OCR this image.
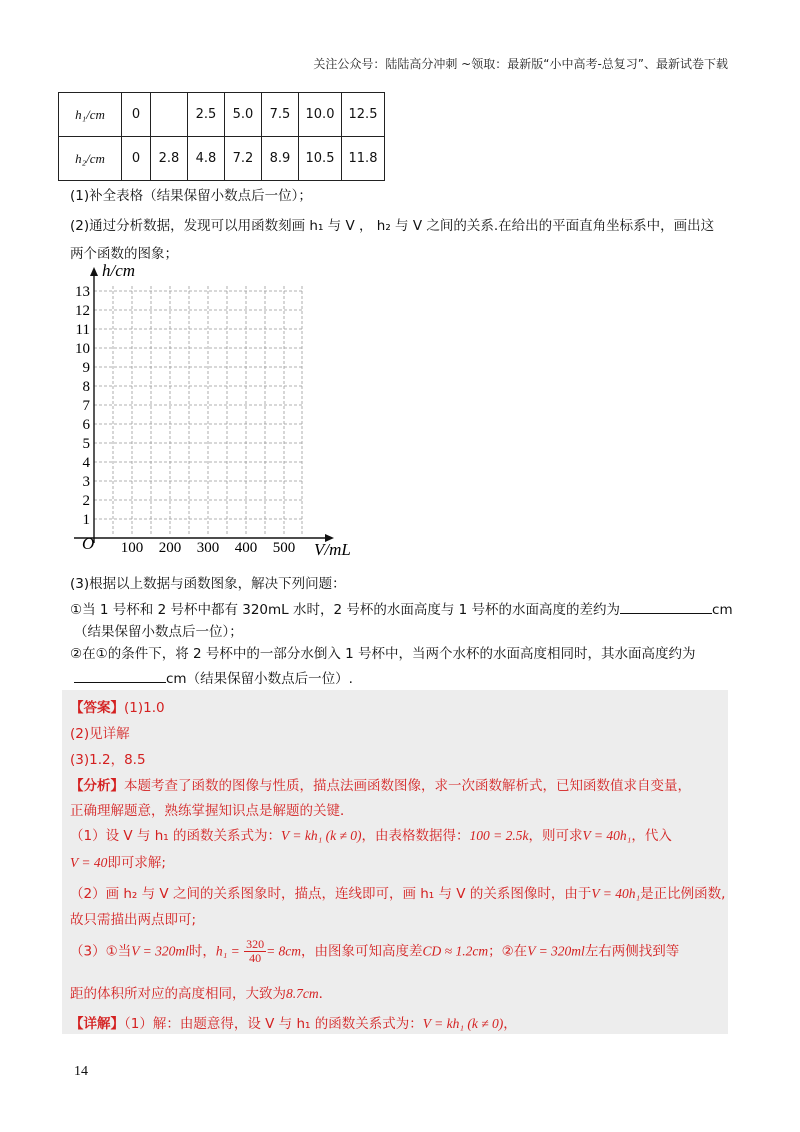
关注公众号：陆陆高分冲刺 ~领取：最新版“小中高考-总复习”、最新试卷下载
h₁/cm	0		2.5	5.0	7.5	10.0	12.5
h₂/cm	0	2.8	4.8	7.2	8.9	10.5	11.8
(1)补全表格（结果保留小数点后一位）；
(2)通过分析数据，发现可以用函数刻画 h₁ 与 V ， h₂ 与 V 之间的关系.在给出的平面直角坐标系中，画出这
两个函数的图象；
h/cm
V/mL
O 100 200 300 400 500
1
2
3
4
5
6
7
8
9
10
11
12
13
(3)根据以上数据与函数图象，解决下列问题：
①当 1 号杯和 2 号杯中都有 320mL 水时，2 号杯的水面高度与 1 号杯的水面高度的差约为	cm
（结果保留小数点后一位）；
②在①的条件下，将 2 号杯中的一部分水倒入 1 号杯中，当两个水杯的水面高度相同时，其水面高度约为
cm（结果保留小数点后一位）.
【答案】(1)1.0
(2)见详解
(3)1.2，8.5
【分析】本题考查了函数的图像与性质，描点法画函数图像，求一次函数解析式，已知函数值求自变量，
正确理解题意，熟练掌握知识点是解题的关键．
（1）设 V 与 h₁ 的函数关系式为：V = kh₁ (k ≠ 0)，由表格数据得：100 = 2.5k，则可求V = 40h₁，代入
V = 40即可求解;
（2）画 h₂ 与 V 之间的关系图象时，描点，连线即可，画 h₁ 与 V 的关系图像时，由于V = 40h₁是正比例函数,
故只需描出两点即可;
（3）①当V = 320ml时，$h_1 = \frac{320}{40} = 8cm$，由图象可知高度差CD ≈ 1.2cm；②在V = 320ml左右两侧找到等
距的体积所对应的高度相同，大致为8.7cm．
【详解】（1）解：由题意得，设 V 与 h₁ 的函数关系式为：V = kh₁ (k ≠ 0)，
14
